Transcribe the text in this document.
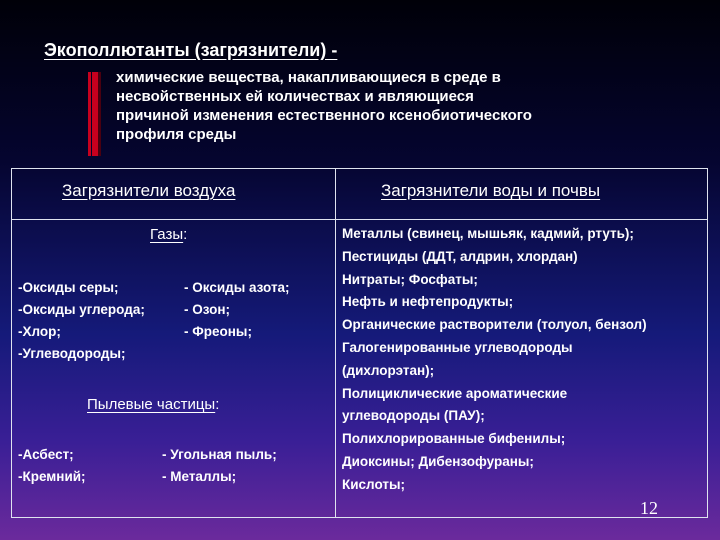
Экополлютанты (загрязнители) -
химические вещества, накапливающиеся в среде в
несвойственных ей количествах и являющиеся
причиной изменения естественного ксенобиотического
профиля среды
Загрязнители воздуха	Загрязнители воды и почвы
Газы:
-Оксиды серы;	- Оксиды азота;
-Оксиды углерода;	- Озон;
-Хлор;	- Фреоны;
-Углеводороды;
Пылевые частицы:
-Асбест;	- Угольная пыль;
-Кремний;	- Металлы;
Металлы (свинец, мышьяк, кадмий, ртуть);
Пестициды (ДДТ, алдрин, хлордан)
Нитраты; Фосфаты;
Нефть и нефтепродукты;
Органические растворители (толуол, бензол)
Галогенированные углеводороды
(дихлорэтан);
Полициклические ароматические
углеводороды (ПАУ);
Полихлорированные бифенилы;
Диоксины; Дибензофураны;
Кислоты;
12
